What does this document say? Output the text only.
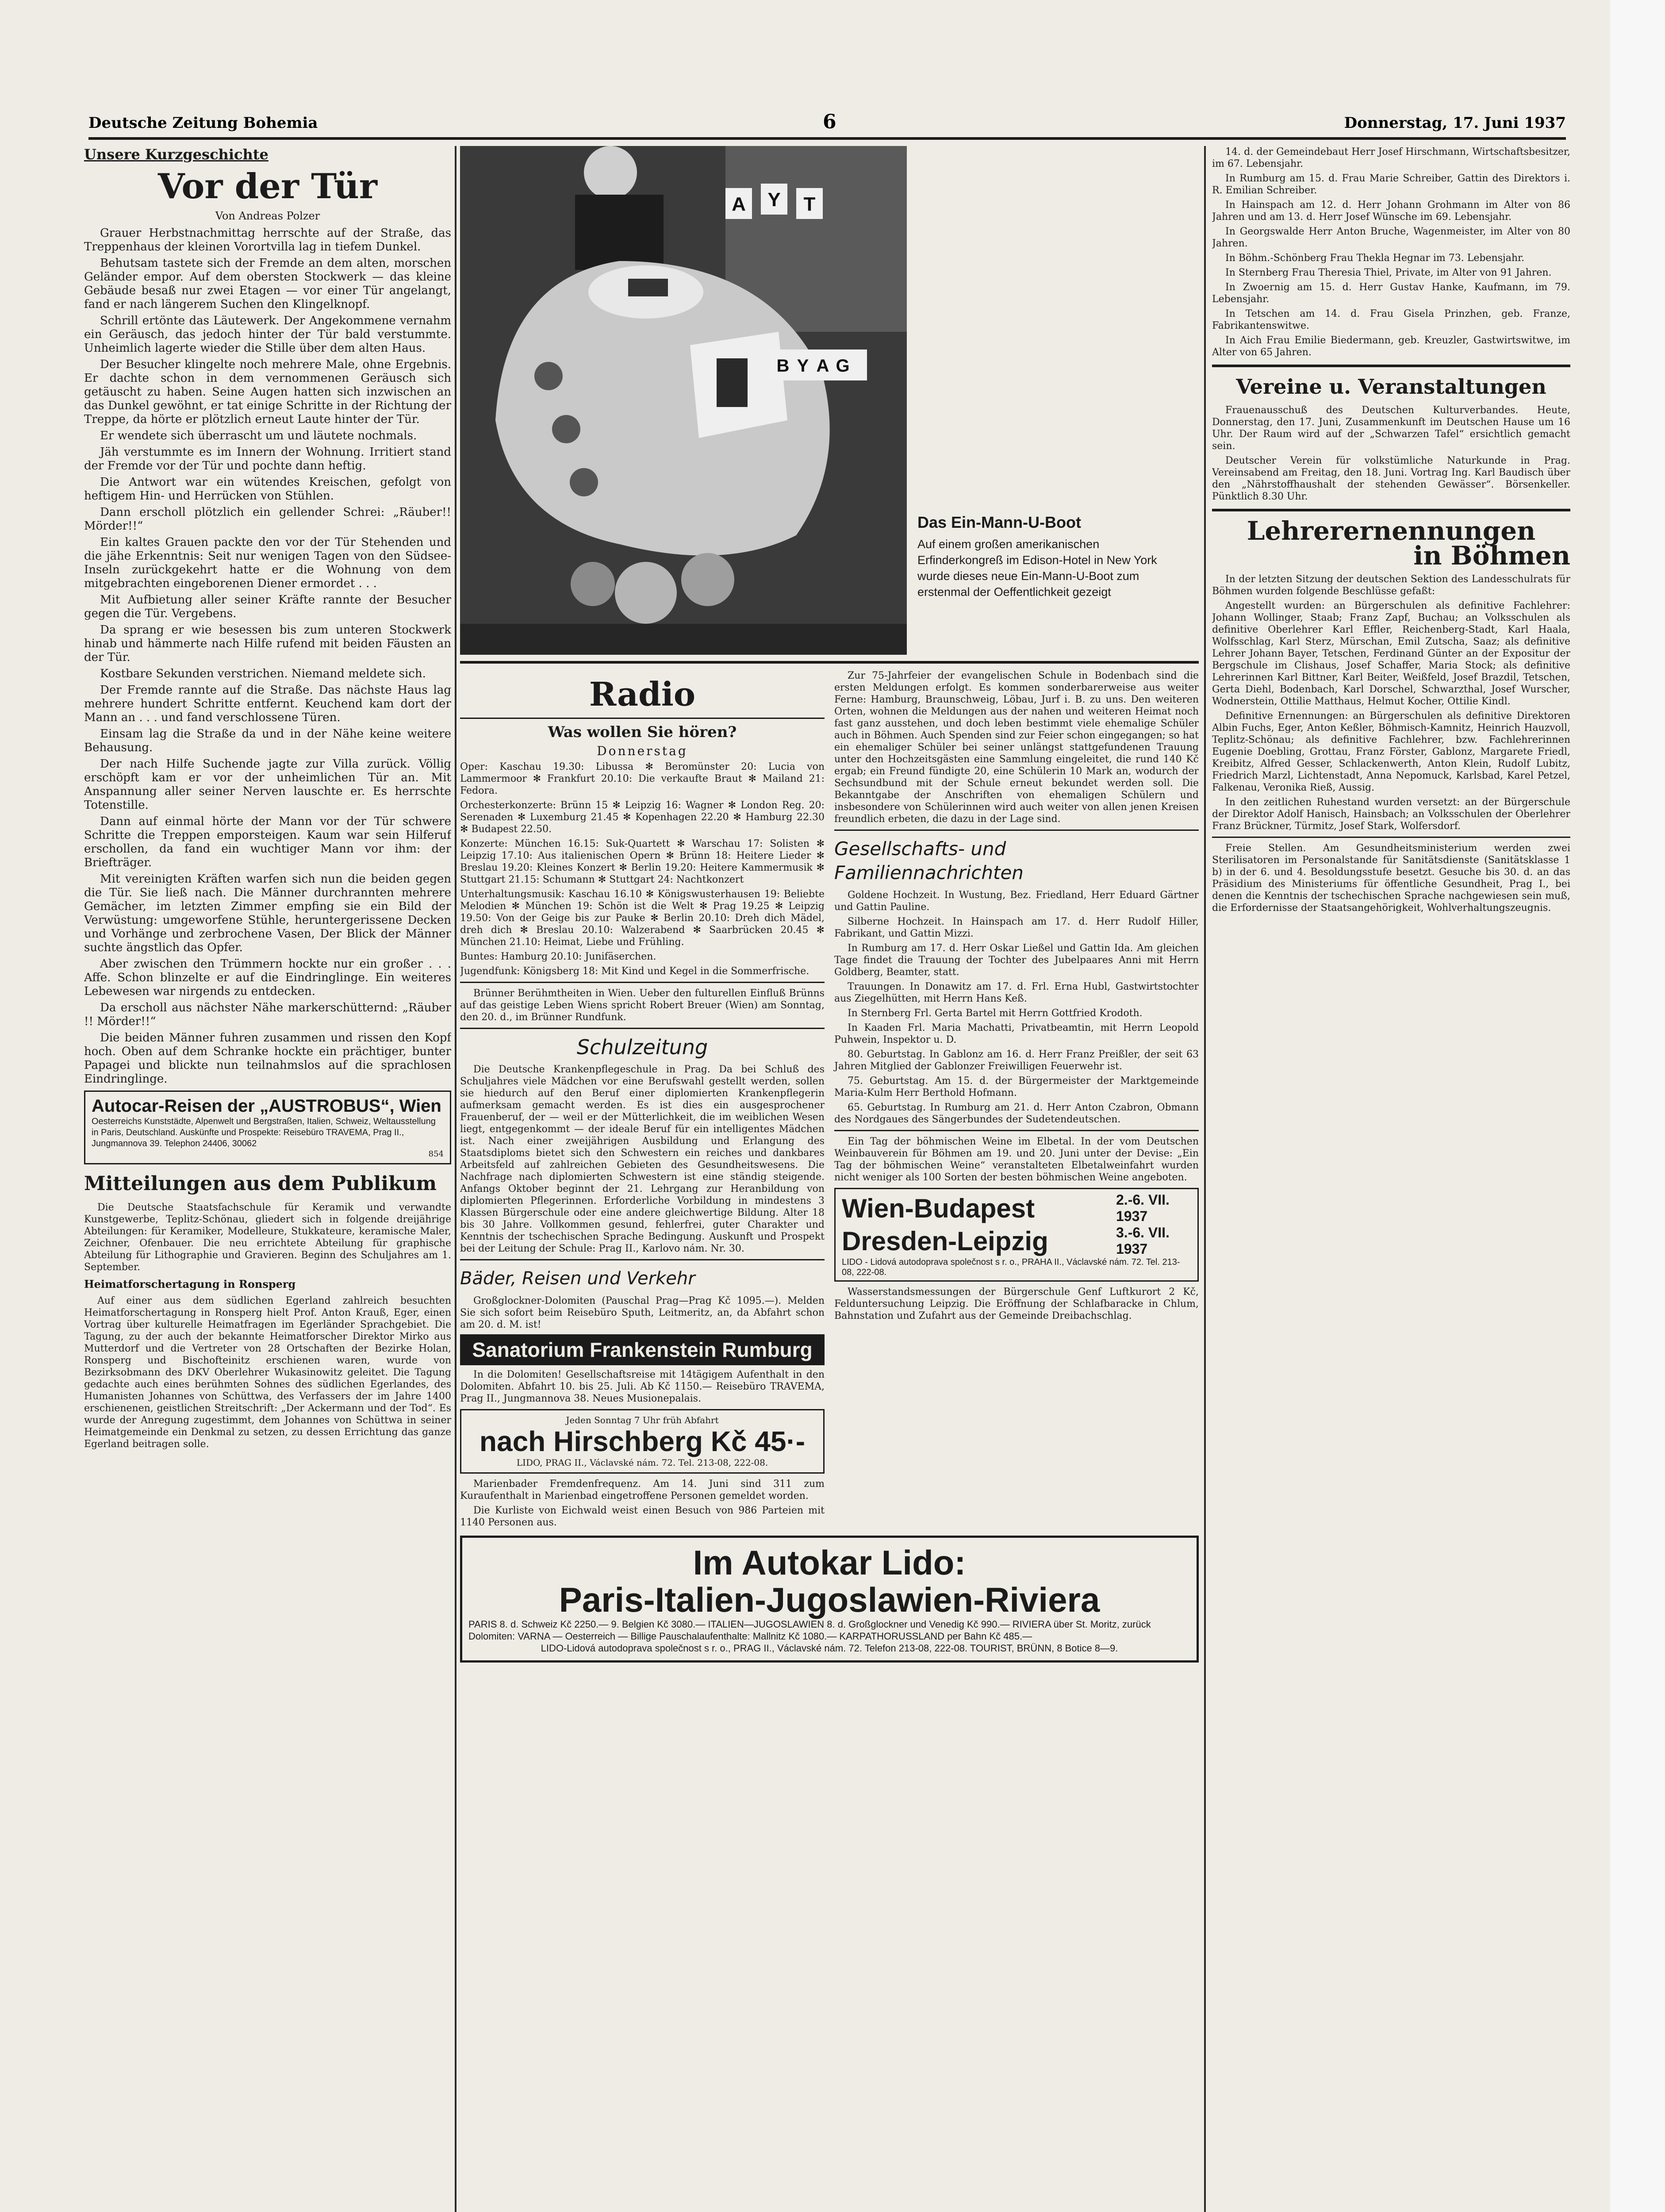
Deutsche Zeitung Bohemia	6	Donnerstag, 17. Juni 1937
Unsere Kurzgeschichte
Vor der Tür
Von Andreas Polzer

Grauer Herbstnachmittag herrschte auf der Straße, das Treppenhaus der kleinen Vorortvilla lag in tiefem Dunkel.

Behutsam tastete sich der Fremde an dem alten, morschen Geländer empor. Auf dem obersten Stockwerk — das kleine Gebäude besaß nur zwei Etagen — vor einer Tür angelangt, fand er nach längerem Suchen den Klingelknopf.

Schrill ertönte das Läutewerk. Der Angekommene vernahm ein Geräusch, das jedoch hinter der Tür bald verstummte. Unheimlich lagerte wieder die Stille über dem alten Haus.

Der Besucher klingelte noch mehrere Male, ohne Ergebnis. Er dachte schon in dem vernommenen Geräusch sich getäuscht zu haben. Seine Augen hatten sich inzwischen an das Dunkel gewöhnt, er tat einige Schritte in der Richtung der Treppe, da hörte er plötzlich erneut Laute hinter der Tür.

Er wendete sich überrascht um und läutete nochmals.

Jäh verstummte es im Innern der Wohnung. Irritiert stand der Fremde vor der Tür und pochte dann heftig.

Die Antwort war ein wütendes Kreischen, gefolgt von heftigem Hin- und Herrücken von Stühlen.

Dann erscholl plötzlich ein gellender Schrei: „Räuber!! Mörder!!“

Ein kaltes Grauen packte den vor der Tür Stehenden und die jähe Erkenntnis: Seit nur wenigen Tagen von den Südsee-Inseln zurückgekehrt hatte er die Wohnung von dem mitgebrachten eingeborenen Diener ermordet . . .

Mit Aufbietung aller seiner Kräfte rannte der Besucher gegen die Tür. Vergebens.

Da sprang er wie besessen bis zum unteren Stockwerk hinab und hämmerte nach Hilfe rufend mit beiden Fäusten an der Tür.

Kostbare Sekunden verstrichen. Niemand meldete sich.

Der Fremde rannte auf die Straße. Das nächste Haus lag mehrere hundert Schritte entfernt. Keuchend kam dort der Mann an . . . und fand verschlossene Türen.

Einsam lag die Straße da und in der Nähe keine weitere Behausung.

Der nach Hilfe Suchende jagte zur Villa zurück. Völlig erschöpft kam er vor der unheimlichen Tür an. Mit Anspannung aller seiner Nerven lauschte er. Es herrschte Totenstille.

Dann auf einmal hörte der Mann vor der Tür schwere Schritte die Treppen emporsteigen. Kaum war sein Hilferuf erschollen, da fand ein wuchtiger Mann vor ihm: der Briefträger.

Mit vereinigten Kräften warfen sich nun die beiden gegen die Tür. Sie ließ nach. Die Männer durchrannten mehrere Gemächer, im letzten Zimmer empfing sie ein Bild der Verwüstung: umgeworfene Stühle, heruntergerissene Decken und Vorhänge und zerbrochene Vasen, Der Blick der Männer suchte ängstlich das Opfer.

Aber zwischen den Trümmern hockte nur ein großer . . . Affe. Schon blinzelte er auf die Eindringlinge. Ein weiteres Lebewesen war nirgends zu entdecken.

Da erscholl aus nächster Nähe markerschütternd: „Räuber !! Mörder!!“

Die beiden Männer fuhren zusammen und rissen den Kopf hoch. Oben auf dem Schranke hockte ein prächtiger, bunter Papagei und blickte nun teilnahmslos auf die sprachlosen Eindringlinge.

Autocar-Reisen der „AUSTROBUS“, Wien
Oesterreichs Kunststädte, Alpenwelt und Bergstraßen, Italien, Schweiz, Weltausstellung in Paris, Deutschland. Auskünfte und Prospekte: Reisebüro TRAVEMA, Prag II., Jungmannova 39. Telephon 24406, 30062
854
Mitteilungen aus dem Publikum

Die Deutsche Staatsfachschule für Keramik und verwandte Kunstgewerbe, Teplitz-Schönau, gliedert sich in folgende dreijährige Abteilungen: für Keramiker, Modelleure, Stukkateure, keramische Maler, Zeichner, Ofenbauer. Die neu errichtete Abteilung für graphische Abteilung für Lithographie und Gravieren. Beginn des Schuljahres am 1. September.

Heimatforschertagung in Ronsperg

Auf einer aus dem südlichen Egerland zahlreich besuchten Heimatforschertagung in Ronsperg hielt Prof. Anton Krauß, Eger, einen Vortrag über kulturelle Heimatfragen im Egerländer Sprachgebiet. Die Tagung, zu der auch der bekannte Heimatforscher Direktor Mirko aus Mutterdorf und die Vertreter von 28 Ortschaften der Bezirke Holan, Ronsperg und Bischofteinitz erschienen waren, wurde von Bezirksobmann des DKV Oberlehrer Wukasinowitz geleitet. Die Tagung gedachte auch eines berühmten Sohnes des südlichen Egerlandes, des Humanisten Johannes von Schüttwa, des Verfassers der im Jahre 1400 erschienenen, geistlichen Streitschrift: „Der Ackermann und der Tod“. Es wurde der Anregung zugestimmt, dem Johannes von Schüttwa in seiner Heimatgemeinde ein Denkmal zu setzen, zu dessen Errichtung das ganze Egerland beitragen solle.

A Y T
B Y A G
Das Ein-Mann-U-Boot

Auf einem großen amerikanischen Erfinderkongreß im Edison-Hotel in New York wurde dieses neue Ein-Mann-U-Boot zum erstenmal der Oeffentlichkeit gezeigt

Radio
Was wollen Sie hören?
Donnerstag

Oper: Kaschau 19.30: Libussa ✻ Beromünster 20: Lucia von Lammermoor ✻ Frankfurt 20.10: Die verkaufte Braut ✻ Mailand 21: Fedora.

Orchesterkonzerte: Brünn 15 ✻ Leipzig 16: Wagner ✻ London Reg. 20: Serenaden ✻ Luxemburg 21.45 ✻ Kopenhagen 22.20 ✻ Hamburg 22.30 ✻ Budapest 22.50.

Konzerte: München 16.15: Suk-Quartett ✻ Warschau 17: Solisten ✻ Leipzig 17.10: Aus italienischen Opern ✻ Brünn 18: Heitere Lieder ✻ Breslau 19.20: Kleines Konzert ✻ Berlin 19.20: Heitere Kammermusik ✻ Stuttgart 21.15: Schumann ✻ Stuttgart 24: Nachtkonzert

Unterhaltungsmusik: Kaschau 16.10 ✻ Königswusterhausen 19: Beliebte Melodien ✻ München 19: Schön ist die Welt ✻ Prag 19.25 ✻ Leipzig 19.50: Von der Geige bis zur Pauke ✻ Berlin 20.10: Dreh dich Mädel, dreh dich ✻ Breslau 20.10: Walzerabend ✻ Saarbrücken 20.45 ✻ München 21.10: Heimat, Liebe und Frühling.

Buntes: Hamburg 20.10: Junifäserchen.

Jugendfunk: Königsberg 18: Mit Kind und Kegel in die Sommerfrische.

Brünner Berühmtheiten in Wien. Ueber den fulturellen Einfluß Brünns auf das geistige Leben Wiens spricht Robert Breuer (Wien) am Sonntag, den 20. d., im Brünner Rundfunk.

Schulzeitung

Die Deutsche Krankenpflegeschule in Prag. Da bei Schluß des Schuljahres viele Mädchen vor eine Berufswahl gestellt werden, sollen sie hiedurch auf den Beruf einer diplomierten Krankenpflegerin aufmerksam gemacht werden. Es ist dies ein ausgesprochener Frauenberuf, der — weil er der Mütterlichkeit, die im weiblichen Wesen liegt, entgegenkommt — der ideale Beruf für ein intelligentes Mädchen ist. Nach einer zweijährigen Ausbildung und Erlangung des Staatsdiploms bietet sich den Schwestern ein reiches und dankbares Arbeitsfeld auf zahlreichen Gebieten des Gesundheitswesens. Die Nachfrage nach diplomierten Schwestern ist eine ständig steigende. Anfangs Oktober beginnt der 21. Lehrgang zur Heranbildung von diplomierten Pflegerinnen. Erforderliche Vorbildung in mindestens 3 Klassen Bürgerschule oder eine andere gleichwertige Bildung. Alter 18 bis 30 Jahre. Vollkommen gesund, fehlerfrei, guter Charakter und Kenntnis der tschechischen Sprache Bedingung. Auskunft und Prospekt bei der Leitung der Schule: Prag II., Karlovo nám. Nr. 30.

Bäder, Reisen und Verkehr

Großglockner-Dolomiten (Pauschal Prag—Prag Kč 1095.—). Melden Sie sich sofort beim Reisebüro Sputh, Leitmeritz, an, da Abfahrt schon am 20. d. M. ist!

Sanatorium Frankenstein Rumburg

In die Dolomiten! Gesellschaftsreise mit 14tägigem Aufenthalt in den Dolomiten. Abfahrt 10. bis 25. Juli. Ab Kč 1150.— Reisebüro TRAVEMA, Prag II., Jungmannova 38. Neues Musionepalais.

Jeden Sonntag 7 Uhr früh Abfahrt
nach Hirschberg Kč 45·-
LIDO, PRAG II., Václavské nám. 72. Tel. 213-08, 222-08.

Marienbader Fremdenfrequenz. Am 14. Juni sind 311 zum Kuraufenthalt in Marienbad eingetroffene Personen gemeldet worden.

Die Kurliste von Eichwald weist einen Besuch von 986 Parteien mit 1140 Personen aus.

Zur 75-Jahrfeier der evangelischen Schule in Bodenbach sind die ersten Meldungen erfolgt. Es kommen sonderbarerweise aus weiter Ferne: Hamburg, Braunschweig, Löbau, Jurf i. B. zu uns. Den weiteren Orten, wohnen die Meldungen aus der nahen und weiteren Heimat noch fast ganz ausstehen, und doch leben bestimmt viele ehemalige Schüler auch in Böhmen. Auch Spenden sind zur Feier schon eingegangen; so hat ein ehemaliger Schüler bei seiner unlängst stattgefundenen Trauung unter den Hochzeitsgästen eine Sammlung eingeleitet, die rund 140 Kč ergab; ein Freund fündigte 20, eine Schülerin 10 Mark an, wodurch der Sechsundbund mit der Schule erneut bekundet werden soll. Die Bekanntgabe der Anschriften von ehemaligen Schülern und insbesondere von Schülerinnen wird auch weiter von allen jenen Kreisen freundlich erbeten, die dazu in der Lage sind.

Gesellschafts- und Familiennachrichten

Goldene Hochzeit. In Wustung, Bez. Friedland, Herr Eduard Gärtner und Gattin Pauline.

Silberne Hochzeit. In Hainspach am 17. d. Herr Rudolf Hiller, Fabrikant, und Gattin Mizzi.

In Rumburg am 17. d. Herr Oskar Ließel und Gattin Ida. Am gleichen Tage findet die Trauung der Tochter des Jubelpaares Anni mit Herrn Goldberg, Beamter, statt.

Trauungen. In Donawitz am 17. d. Frl. Erna Hubl, Gastwirtstochter aus Ziegelhütten, mit Herrn Hans Keß.

In Sternberg Frl. Gerta Bartel mit Herrn Gottfried Krodoth.

In Kaaden Frl. Maria Machatti, Privatbeamtin, mit Herrn Leopold Puhwein, Inspektor u. D.

80. Geburtstag. In Gablonz am 16. d. Herr Franz Preißler, der seit 63 Jahren Mitglied der Gablonzer Freiwilligen Feuerwehr ist.

75. Geburtstag. Am 15. d. der Bürgermeister der Marktgemeinde Maria-Kulm Herr Berthold Hofmann.

65. Geburtstag. In Rumburg am 21. d. Herr Anton Czabron, Obmann des Nordgaues des Sängerbundes der Sudetendeutschen.

Ein Tag der böhmischen Weine im Elbetal. In der vom Deutschen Weinbauverein für Böhmen am 19. und 20. Juni unter der Devise: „Ein Tag der böhmischen Weine“ veranstalteten Elbetalweinfahrt wurden nicht weniger als 100 Sorten der besten böhmischen Weine angeboten.

Wien-Budapest	2.-6. VII. 1937
Dresden-Leipzig	3.-6. VII. 1937
LIDO - Lidová autodoprava společnost s r. o., PRAHA II., Václavské nám. 72. Tel. 213-08, 222-08.

Wasserstandsmessungen der Bürgerschule Genf Luftkurort 2 Kč, Felduntersuchung Leipzig. Die Eröffnung der Schlafbaracke in Chlum, Bahnstation und Zufahrt aus der Gemeinde Dreibachschlag.

Im Autokar Lido:
Paris-Italien-Jugoslawien-Riviera
PARIS 8. d. Schweiz Kč 2250.— 9. Belgien Kč 3080.— ITALIEN—JUGOSLAWIEN 8. d. Großglockner und Venedig Kč 990.— RIVIERA über St. Moritz, zurück Dolomiten: VARNA — Oesterreich — Billige Pauschalaufenthalte: Mallnitz Kč 1080.— KARPATHORUSSLAND per Bahn Kč 485.—
LIDO-Lidová autodoprava společnost s r. o., PRAG II., Václavské nám. 72. Telefon 213-08, 222-08. TOURIST, BRÜNN, 8 Botice 8—9.

14. d. der Gemeindebaut Herr Josef Hirschmann, Wirtschaftsbesitzer, im 67. Lebensjahr.

In Rumburg am 15. d. Frau Marie Schreiber, Gattin des Direktors i. R. Emilian Schreiber.

In Hainspach am 12. d. Herr Johann Grohmann im Alter von 86 Jahren und am 13. d. Herr Josef Wünsche im 69. Lebensjahr.

In Georgswalde Herr Anton Bruche, Wagenmeister, im Alter von 80 Jahren.

In Böhm.-Schönberg Frau Thekla Hegnar im 73. Lebensjahr.

In Sternberg Frau Theresia Thiel, Private, im Alter von 91 Jahren.

In Zwoernig am 15. d. Herr Gustav Hanke, Kaufmann, im 79. Lebensjahr.

In Tetschen am 14. d. Frau Gisela Prinzhen, geb. Franze, Fabrikantenswitwe.

In Aich Frau Emilie Biedermann, geb. Kreuzler, Gastwirtswitwe, im Alter von 65 Jahren.

Vereine u. Veranstaltungen

Frauenausschuß des Deutschen Kulturverbandes. Heute, Donnerstag, den 17. Juni, Zusammenkunft im Deutschen Hause um 16 Uhr. Der Raum wird auf der „Schwarzen Tafel“ ersichtlich gemacht sein.

Deutscher Verein für volkstümliche Naturkunde in Prag. Vereinsabend am Freitag, den 18. Juni. Vortrag Ing. Karl Baudisch über den „Nährstoffhaushalt der stehenden Gewässer“. Börsenkeller. Pünktlich 8.30 Uhr.

Lehrerernennungen
in Böhmen

In der letzten Sitzung der deutschen Sektion des Landesschulrats für Böhmen wurden folgende Beschlüsse gefaßt:

Angestellt wurden: an Bürgerschulen als definitive Fachlehrer: Johann Wollinger, Staab; Franz Zapf, Buchau; an Volksschulen als definitive Oberlehrer Karl Effler, Reichenberg-Stadt, Karl Haala, Wolfsschlag, Karl Sterz, Mürschan, Emil Zutscha, Saaz; als definitive Lehrer Johann Bayer, Tetschen, Ferdinand Günter an der Expositur der Bergschule im Clishaus, Josef Schaffer, Maria Stock; als definitive Lehrerinnen Karl Bittner, Karl Beiter, Weißfeld, Josef Brazdil, Tetschen, Gerta Diehl, Bodenbach, Karl Dorschel, Schwarzthal, Josef Wurscher, Wodnerstein, Ottilie Matthaus, Helmut Kocher, Ottilie Kindl.

Definitive Ernennungen: an Bürgerschulen als definitive Direktoren Albin Fuchs, Eger, Anton Keßler, Böhmisch-Kamnitz, Heinrich Hauzvoll, Teplitz-Schönau; als definitive Fachlehrer, bzw. Fachlehrerinnen Eugenie Doebling, Grottau, Franz Förster, Gablonz, Margarete Friedl, Kreibitz, Alfred Gesser, Schlackenwerth, Anton Klein, Rudolf Lubitz, Friedrich Marzl, Lichtenstadt, Anna Nepomuck, Karlsbad, Karel Petzel, Falkenau, Veronika Rieß, Aussig.

In den zeitlichen Ruhestand wurden versetzt: an der Bürgerschule der Direktor Adolf Hanisch, Hainsbach; an Volksschulen der Oberlehrer Franz Brückner, Türmitz, Josef Stark, Wolfersdorf.

Freie Stellen. Am Gesundheitsministerium werden zwei Sterilisatoren im Personalstande für Sanitätsdienste (Sanitätsklasse 1 b) in der 6. und 4. Besoldungsstufe besetzt. Gesuche bis 30. d. an das Präsidium des Ministeriums für öffentliche Gesundheit, Prag I., bei denen die Kenntnis der tschechischen Sprache nachgewiesen sein muß, die Erfordernisse der Staatsangehörigkeit, Wohlverhaltungszeugnis.
